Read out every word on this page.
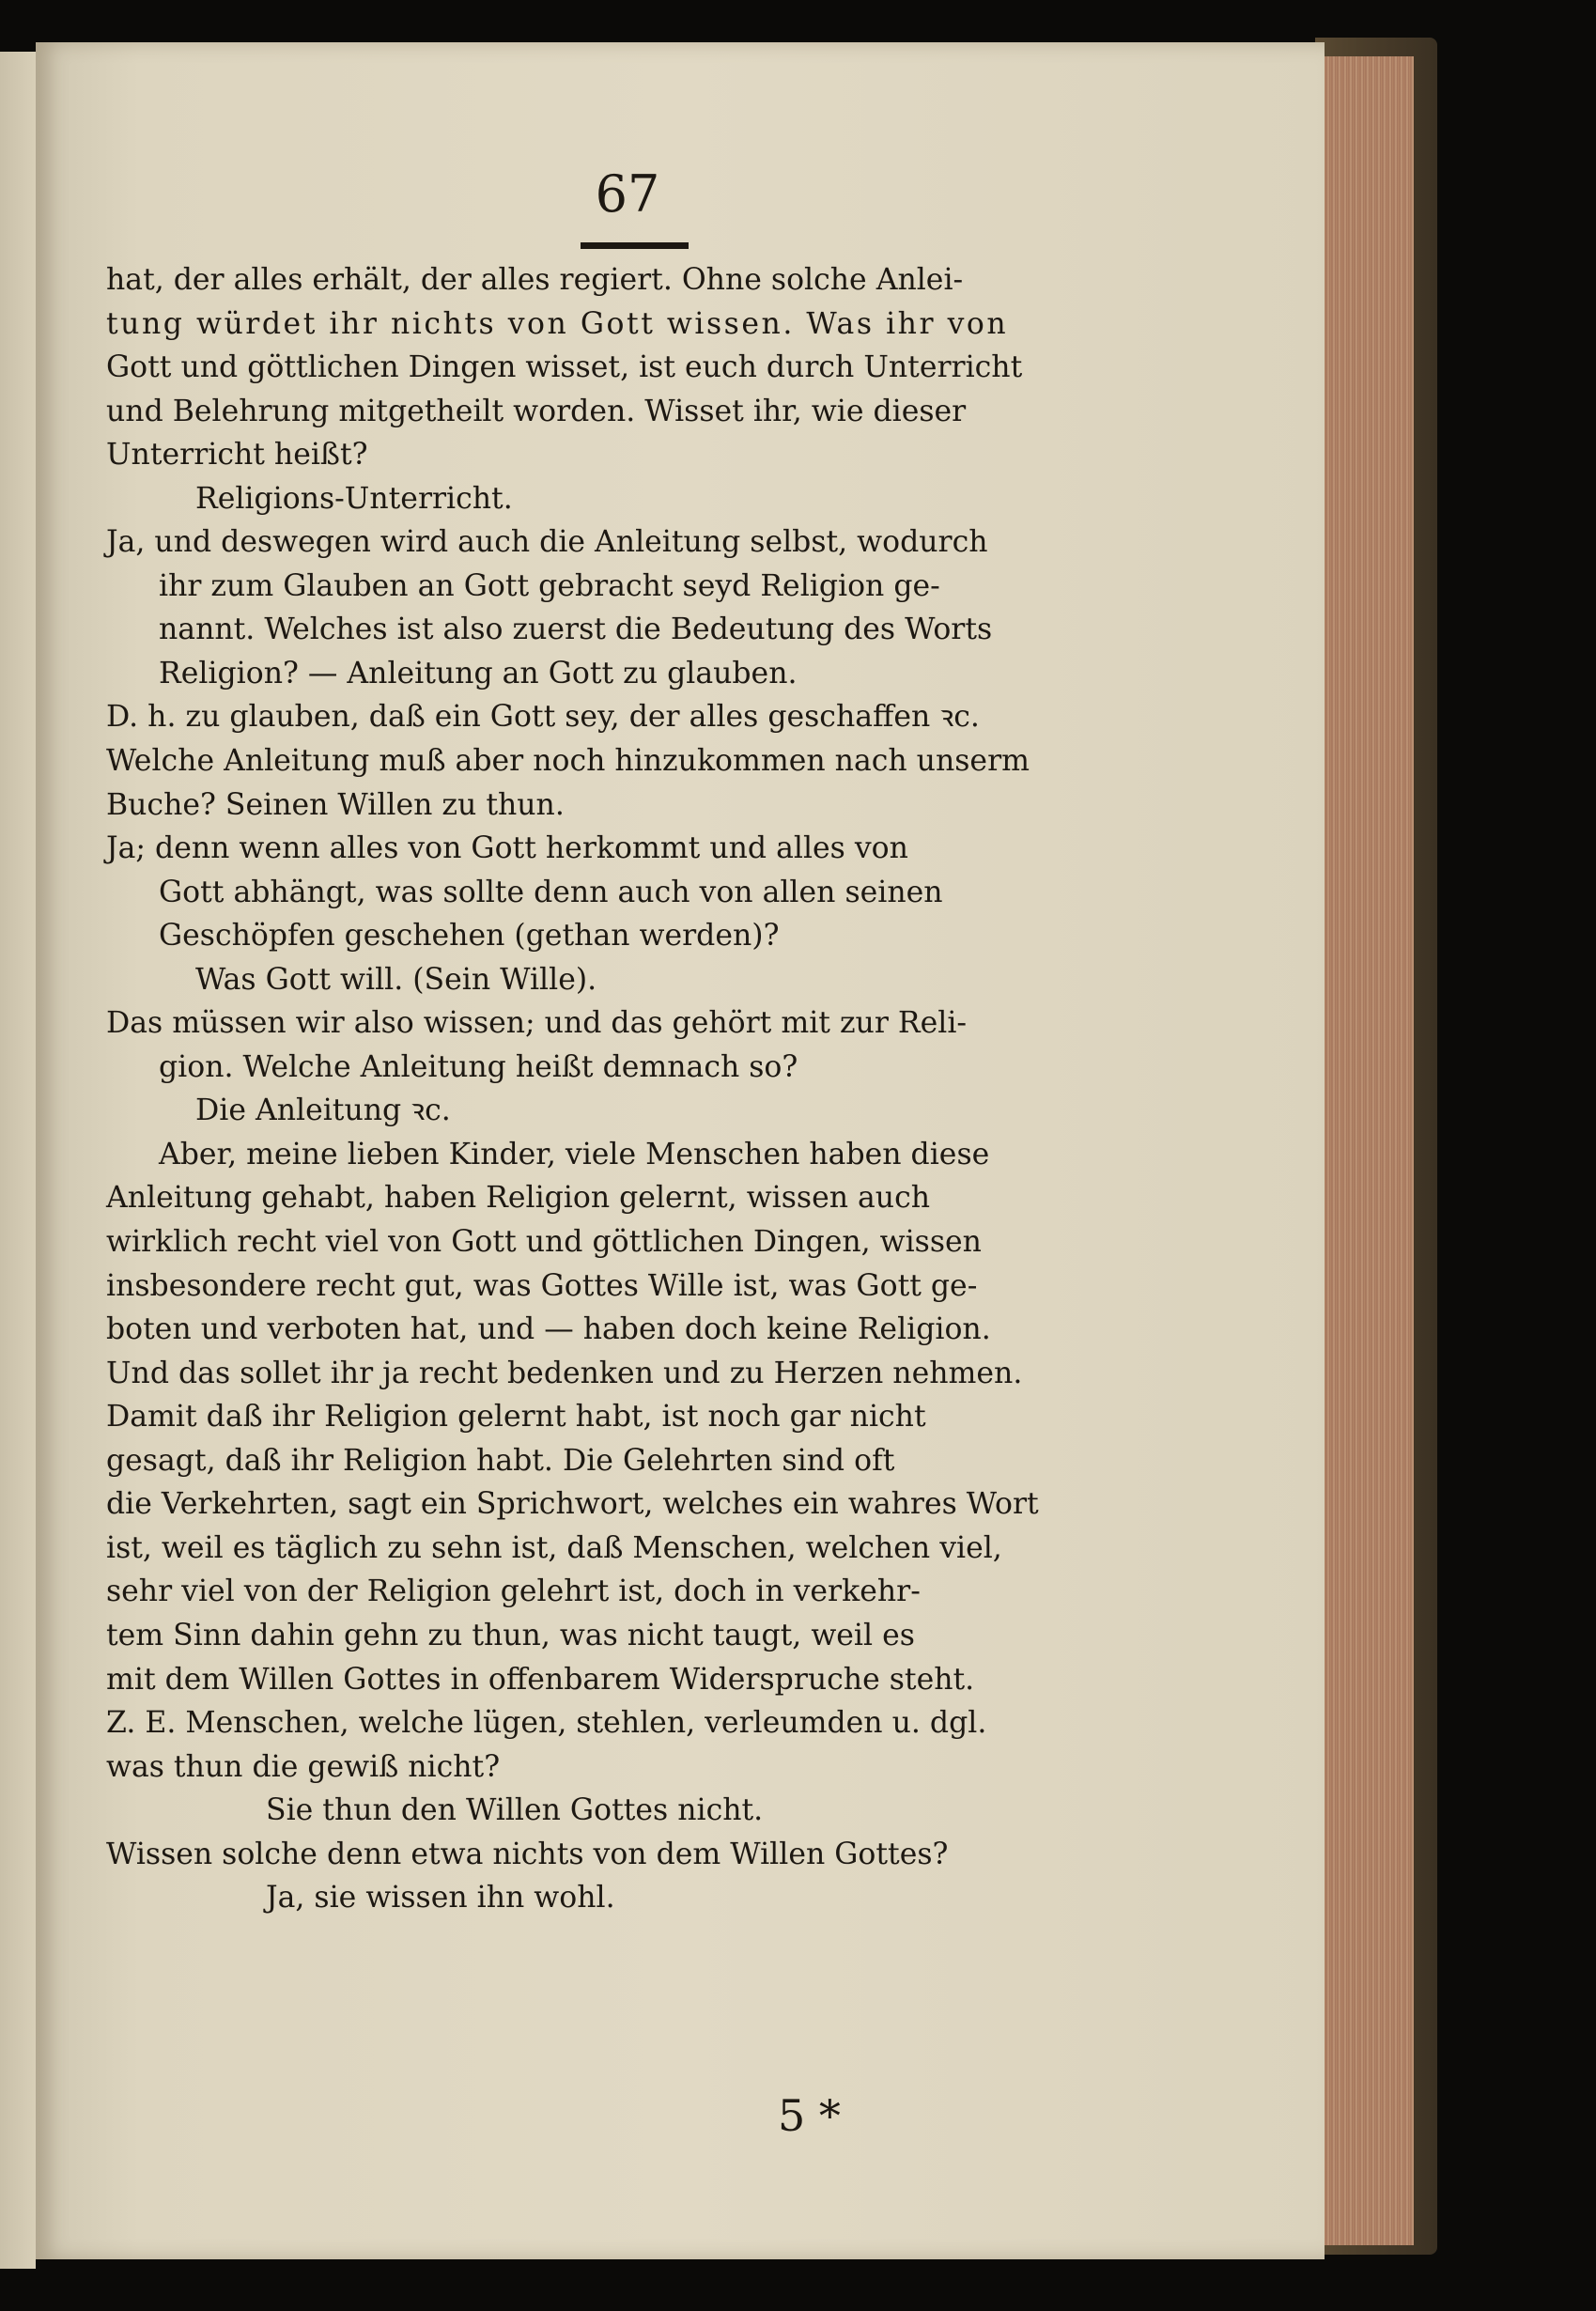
67
hat, der alles erhält, der alles regiert. Ohne solche Anlei-
tung würdet ihr nichts von Gott wissen. Was ihr von
Gott und göttlichen Dingen wisset, ist euch durch Unterricht
und Belehrung mitgetheilt worden. Wisset ihr, wie dieser
Unterricht heißt?
Religions-Unterricht.
Ja, und deswegen wird auch die Anleitung selbst, wodurch
ihr zum Glauben an Gott gebracht seyd Religion ge-
nannt. Welches ist also zuerst die Bedeutung des Worts
Religion? — Anleitung an Gott zu glauben.
D. h. zu glauben, daß ein Gott sey, der alles geschaffen ꝛc.
Welche Anleitung muß aber noch hinzukommen nach unserm
Buche? Seinen Willen zu thun.
Ja; denn wenn alles von Gott herkommt und alles von
Gott abhängt, was sollte denn auch von allen seinen
Geschöpfen geschehen (gethan werden)?
Was Gott will. (Sein Wille).
Das müssen wir also wissen; und das gehört mit zur Reli-
gion. Welche Anleitung heißt demnach so?
Die Anleitung ꝛc.
Aber, meine lieben Kinder, viele Menschen haben diese
Anleitung gehabt, haben Religion gelernt, wissen auch
wirklich recht viel von Gott und göttlichen Dingen, wissen
insbesondere recht gut, was Gottes Wille ist, was Gott ge-
boten und verboten hat, und — haben doch keine Religion.
Und das sollet ihr ja recht bedenken und zu Herzen nehmen.
Damit daß ihr Religion gelernt habt, ist noch gar nicht
gesagt, daß ihr Religion habt. Die Gelehrten sind oft
die Verkehrten, sagt ein Sprichwort, welches ein wahres Wort
ist, weil es täglich zu sehn ist, daß Menschen, welchen viel,
sehr viel von der Religion gelehrt ist, doch in verkehr-
tem Sinn dahin gehn zu thun, was nicht taugt, weil es
mit dem Willen Gottes in offenbarem Widerspruche steht.
Z. E. Menschen, welche lügen, stehlen, verleumden u. dgl.
was thun die gewiß nicht?
Sie thun den Willen Gottes nicht.
Wissen solche denn etwa nichts von dem Willen Gottes?
Ja, sie wissen ihn wohl.
5 *
